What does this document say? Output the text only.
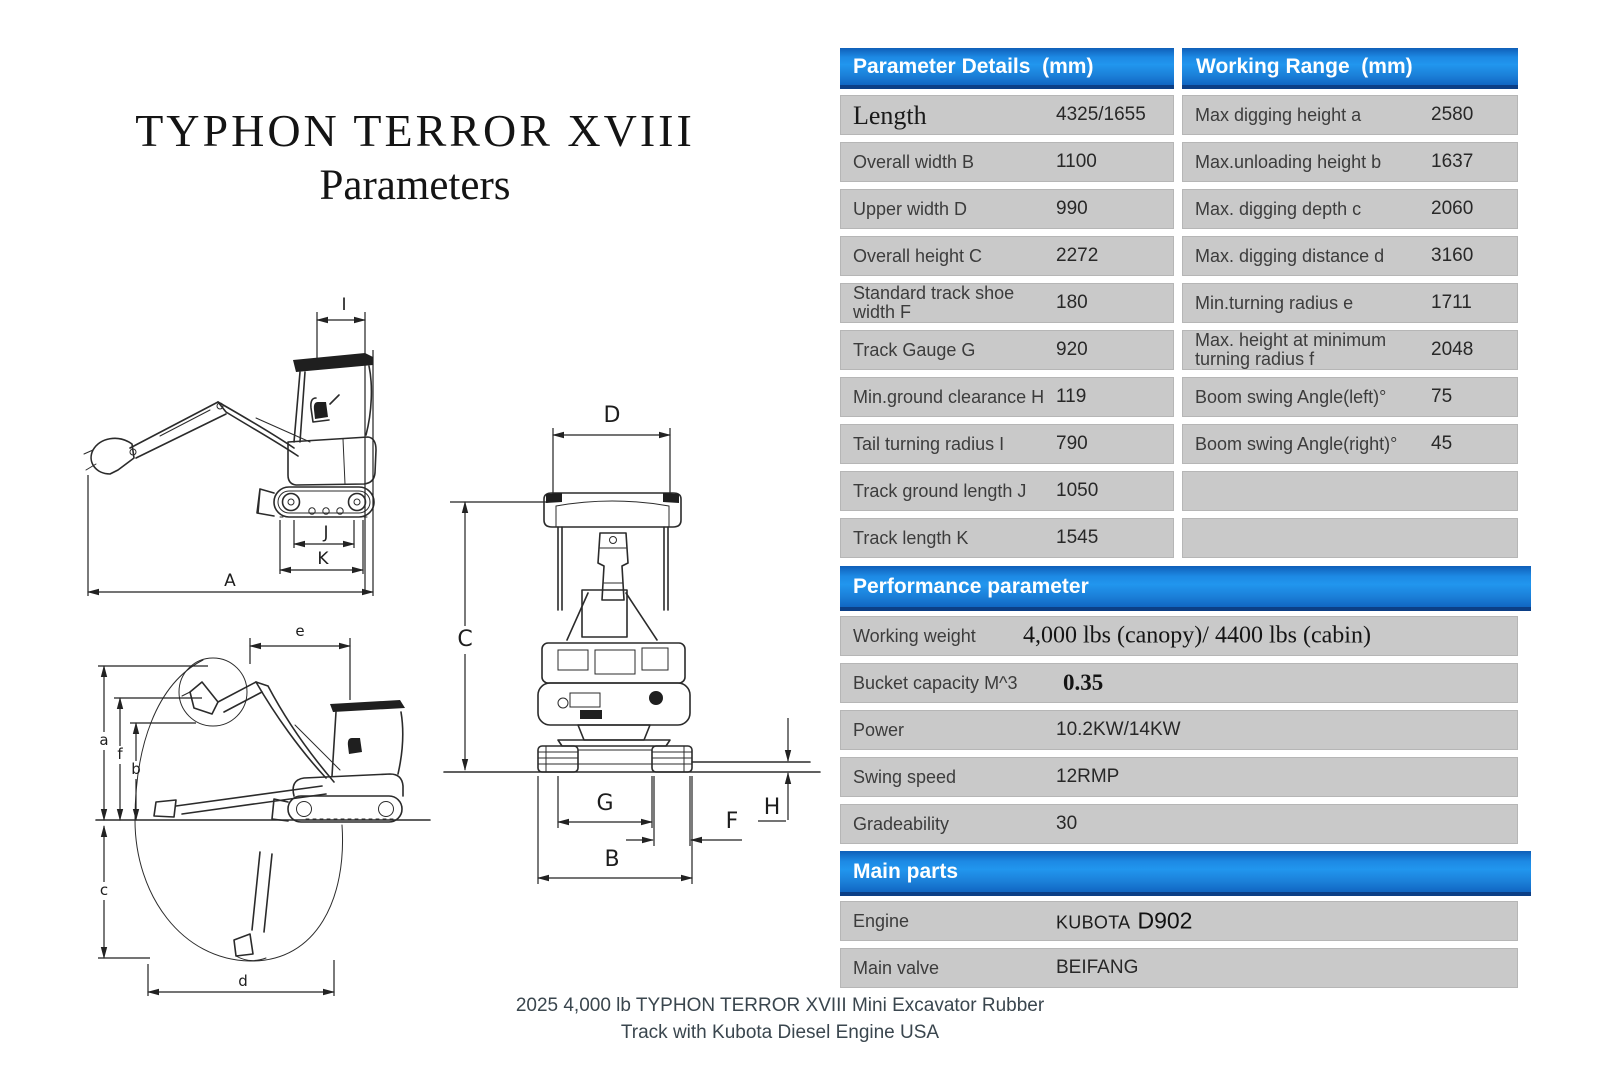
TYPHON TERROR XVIII
Parameters
I
J
K
A
e
a
f
b
c
d
D
C
H
G
F
B
Parameter Details  (mm)	Working Range  (mm)
Length	4325/1655	Max digging height a	2580
Overall width B	1100	Max.unloading height b	1637
Upper width D	990	Max. digging depth c	2060
Overall height C	2272	Max. digging distance d	3160
Standard track shoe width F	180	Min.turning radius e	1711
Track Gauge G	920	Max. height at minimum turning radius f	2048
Min.ground clearance H 119	Boom swing Angle(left)°	75
Tail turning radius I	790	Boom swing Angle(right)°	45
Track ground length J	1050
Track length K	1545
Performance parameter
Working weight	4,000 lbs (canopy)/ 4400 lbs (cabin)
Bucket capacity M^3	0.35
Power	10.2KW/14KW
Swing speed	12RMP
Gradeability	30
Main parts
Engine	KUBOTA D902
Main valve	BEIFANG
2025 4,000 lb TYPHON TERROR XVIII Mini Excavator Rubber
Track with Kubota Diesel Engine USA
